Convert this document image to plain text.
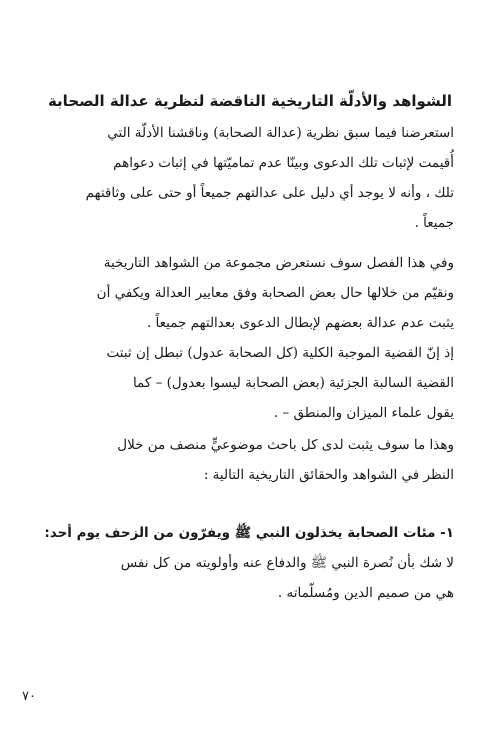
الشواهد والأدلّة التاريخية الناقضة لنظرية عدالة الصحابة
استعرضنا فيما سبق نظرية (عدالة الصحابة) وناقشنا الأدلّة التي
أُقيمت لإثبات تلك الدعوى وبينّا عدم تماميّتها في إثبات دعواهم
تلك ، وأنه لا يوجد أي دليل على عدالتهم جميعاً أو حتى على وثاقتهم
جميعاً .
وفي هذا الفصل سوف نستعرض مجموعة من الشواهد التاريخية
ونقيّم من خلالها حال بعض الصحابة وفق معايير العدالة ويكفي أن
يثبت عدم عدالة بعضهم لإبطال الدعوى بعدالتهم جميعاً .
إذ إنّ القضية الموجبة الكلية (كل الصحابة عدول) تبطل إن ثبتت
القضية السالبة الجزئية (بعض الصحابة ليسوا بعدول) – كما
يقول علماء الميزان والمنطق – .
وهذا ما سوف يثبت لدى كل باحث موضوعيٍّ منصف من خلال
النظر في الشواهد والحقائق التاريخية التالية :
١- مئات الصحابة يخذلون النبي ﷺ ويفرّون من الزحف يوم أحد:
لا شك بأن نُصرة النبي ﷺ والدفاع عنه وأولويته من كل نفس
هي من صميم الدين ومُسلّماته .
٧٠
